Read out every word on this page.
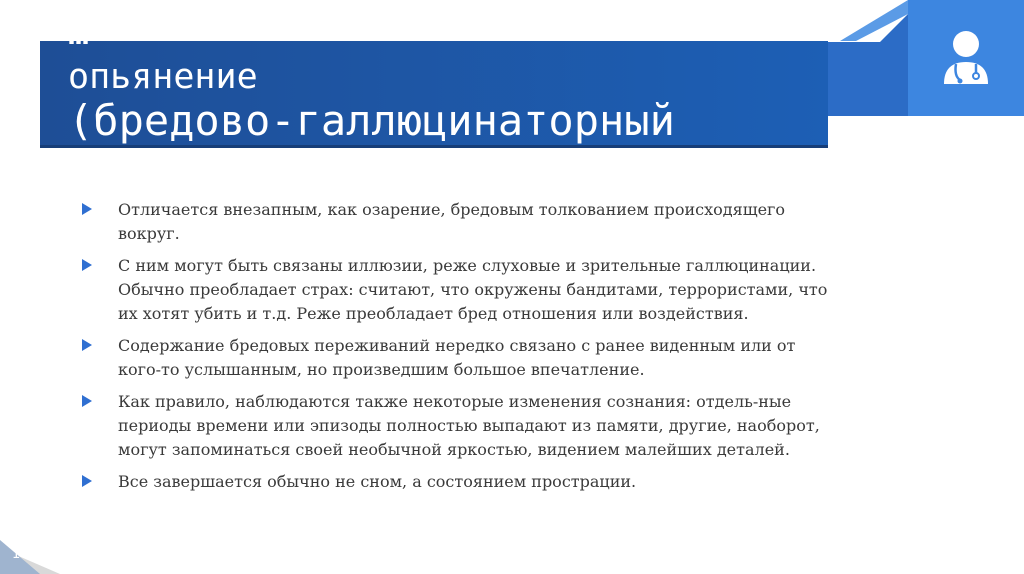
…
опьянение
(бредово-галлюцинаторный
…
Отличается внезапным, как озарение, бредовым толкованием происходящего вокруг.
С ним могут быть связаны иллюзии, реже слуховые и зрительные галлюцинации. Обычно преобладает страх: считают, что окружены бандитами, террористами, что их хотят убить и т.д. Реже преобладает бред отношения или воздействия.
Содержание бредовых переживаний нередко связано с ранее виденным или от кого-то услышанным, но произведшим большое впечатление.
Как правило, наблюдаются также некоторые изменения сознания: отдель-ные периоды времени или эпизоды полностью выпадают из памяти, другие, наоборот, могут запоминаться своей необычной яркостью, видением малейших деталей.
Все завершается обычно не сном, а состоянием прострации.
16
